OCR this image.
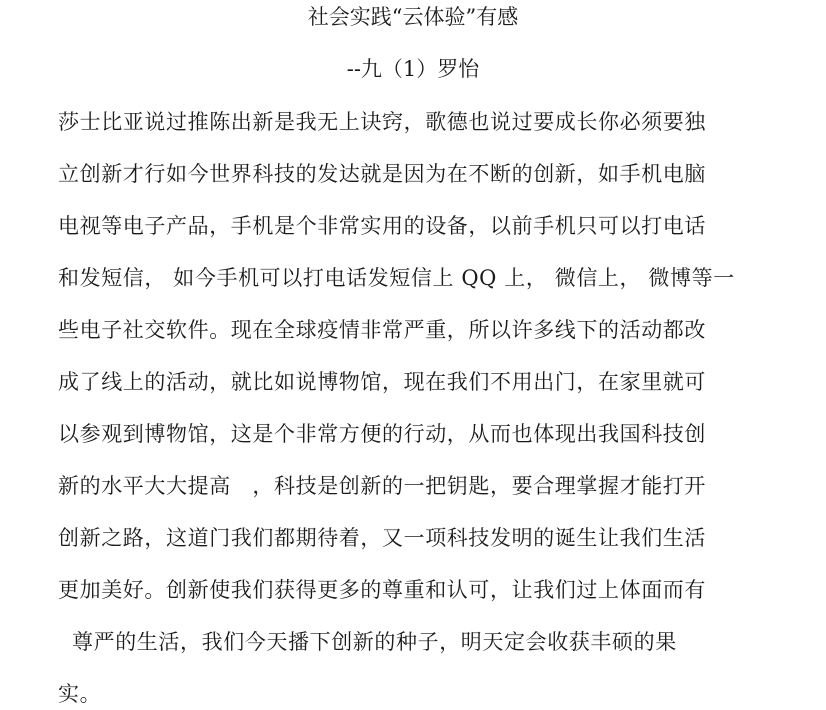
社会实践“云体验”有感
--九（1）罗怡
莎士比亚说过推陈出新是我无上诀窍，歌德也说过要成长你必须要独
立创新才行如今世界科技的发达就是因为在不断的创新，如手机电脑
电视等电子产品，手机是个非常实用的设备，以前手机只可以打电话
和发短信， 如今手机可以打电话发短信上 QQ 上， 微信上， 微博等一
些电子社交软件。现在全球疫情非常严重，所以许多线下的活动都改
成了线上的活动，就比如说博物馆，现在我们不用出门，在家里就可
以参观到博物馆，这是个非常方便的行动，从而也体现出我国科技创
新的水平大大提高　，科技是创新的一把钥匙，要合理掌握才能打开
创新之路，这道门我们都期待着，又一项科技发明的诞生让我们生活
更加美好。创新使我们获得更多的尊重和认可，让我们过上体面而有
尊严的生活，我们今天播下创新的种子，明天定会收获丰硕的果
实。
